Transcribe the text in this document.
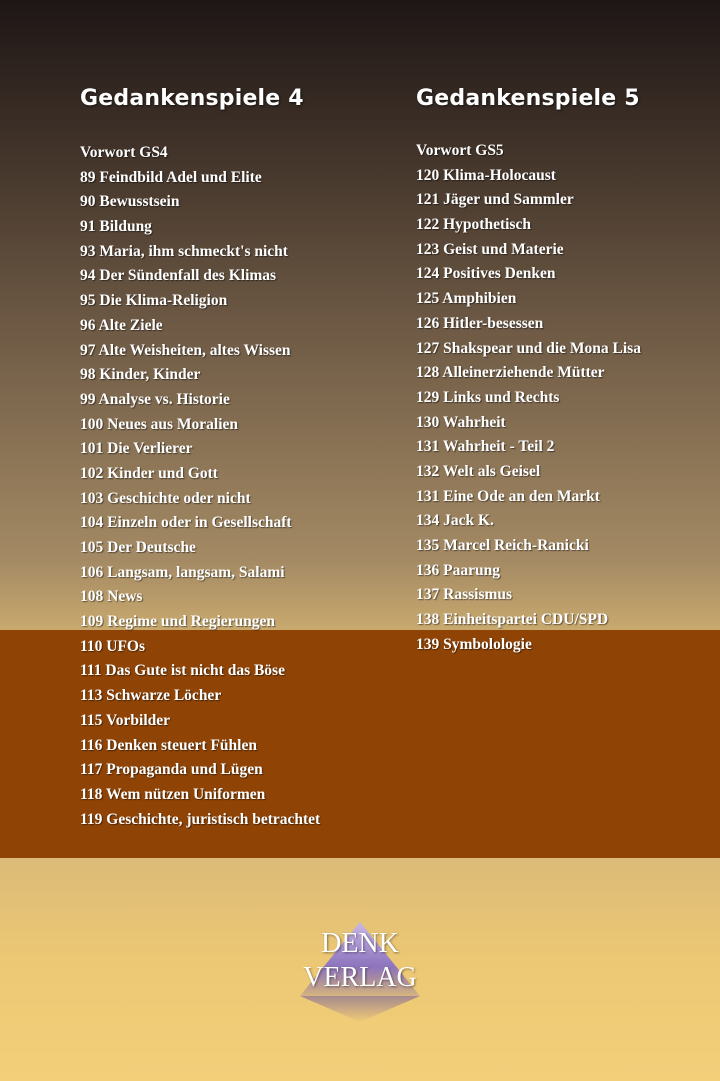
Gedankenspiele 4
Vorwort GS4
89 Feindbild Adel und Elite
90 Bewusstsein
91 Bildung
93 Maria, ihm schmeckt's nicht
94 Der Sündenfall des Klimas
95 Die Klima-Religion
96 Alte Ziele
97 Alte Weisheiten, altes Wissen
98 Kinder, Kinder
99 Analyse vs. Historie
100 Neues aus Moralien
101 Die Verlierer
102 Kinder und Gott
103 Geschichte oder nicht
104 Einzeln oder in Gesellschaft
105 Der Deutsche
106 Langsam, langsam, Salami
108 News
109 Regime und Regierungen
110 UFOs
111 Das Gute ist nicht das Böse
113 Schwarze Löcher
115 Vorbilder
116 Denken steuert Fühlen
117 Propaganda und Lügen
118 Wem nützen Uniformen
119 Geschichte, juristisch betrachtet
Gedankenspiele 5
Vorwort GS5
120 Klima-Holocaust
121 Jäger und Sammler
122 Hypothetisch
123 Geist und Materie
124 Positives Denken
125 Amphibien
126 Hitler-besessen
127 Shakspear und die Mona Lisa
128 Alleinerziehende Mütter
129 Links und Rechts
130 Wahrheit
131 Wahrheit - Teil 2
132 Welt als Geisel
131 Eine Ode an den Markt
134 Jack K.
135 Marcel Reich-Ranicki
136 Paarung
137 Rassismus
138 Einheitspartei CDU/SPD
139 Symbolologie
DENK
VERLAG
